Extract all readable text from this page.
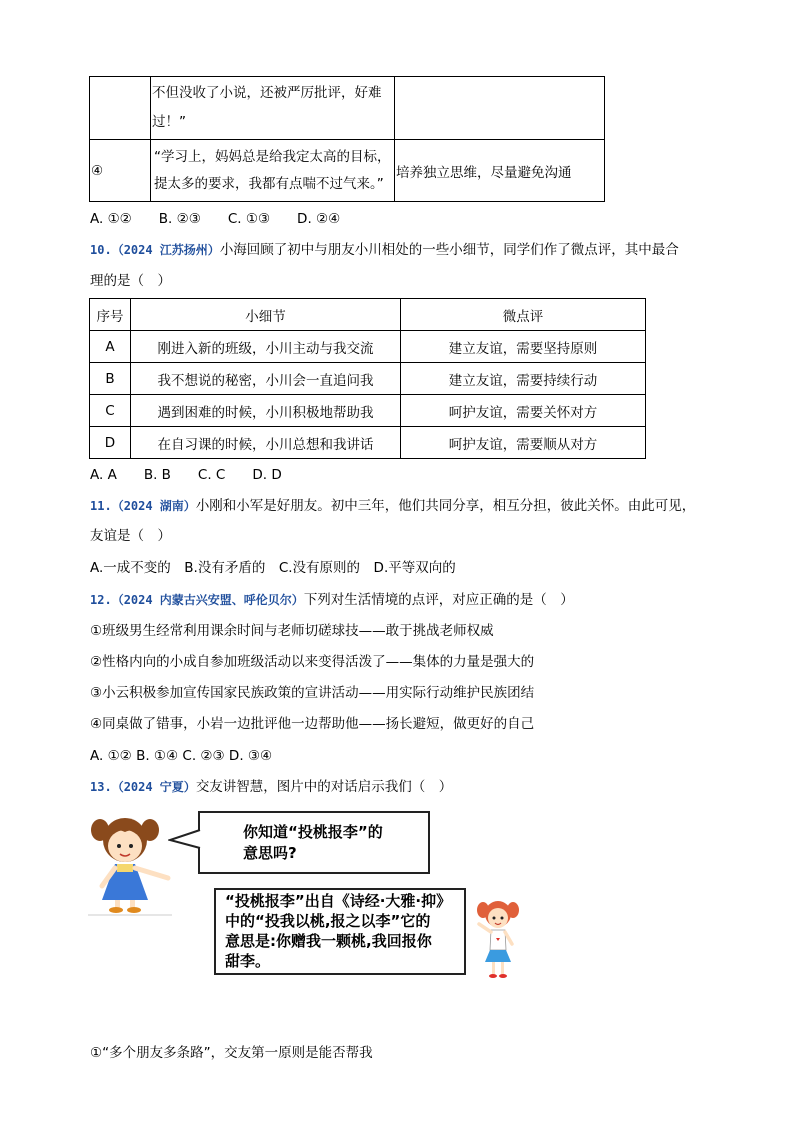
	不但没收了小说，还被严厉批评，好难过！”	
④	“学习上，妈妈总是给我定太高的目标，提太多的要求，我都有点喘不过气来。”	培养独立思维，尽量避免沟通
A. ①②　　B. ②③　　C. ①③　　D. ②④
10.（2024 江苏扬州）小海回顾了初中与朋友小川相处的一些小细节，同学们作了微点评，其中最合
理的是（　）
序号	小细节	微点评
A	刚进入新的班级，小川主动与我交流	建立友谊，需要坚持原则
B	我不想说的秘密，小川会一直追问我	建立友谊，需要持续行动
C	遇到困难的时候，小川积极地帮助我	呵护友谊，需要关怀对方
D	在自习课的时候，小川总想和我讲话	呵护友谊，需要顺从对方
A. A　　B. B　　C. C　　D. D
11.（2024 湖南）小刚和小军是好朋友。初中三年，他们共同分享，相互分担，彼此关怀。由此可见，
友谊是（　）
A.一成不变的　B.没有矛盾的　C.没有原则的　D.平等双向的
12.（2024 内蒙古兴安盟、呼伦贝尔）下列对生活情境的点评，对应正确的是（　）
①班级男生经常利用课余时间与老师切磋球技——敢于挑战老师权威
②性格内向的小成自参加班级活动以来变得活泼了——集体的力量是强大的
③小云积极参加宣传国家民族政策的宣讲活动——用实际行动维护民族团结
④同桌做了错事，小岩一边批评他一边帮助他——扬长避短，做更好的自己
A. ①② B. ①④ C. ②③ D. ③④
13.（2024 宁夏）交友讲智慧，图片中的对话启示我们（　）
你知道“投桃报李”的
意思吗?
“投桃报李”出自《诗经·大雅·抑》
中的“投我以桃,报之以李”它的
意思是:你赠我一颗桃,我回报你
甜李。
①“多个朋友多条路”，交友第一原则是能否帮我
